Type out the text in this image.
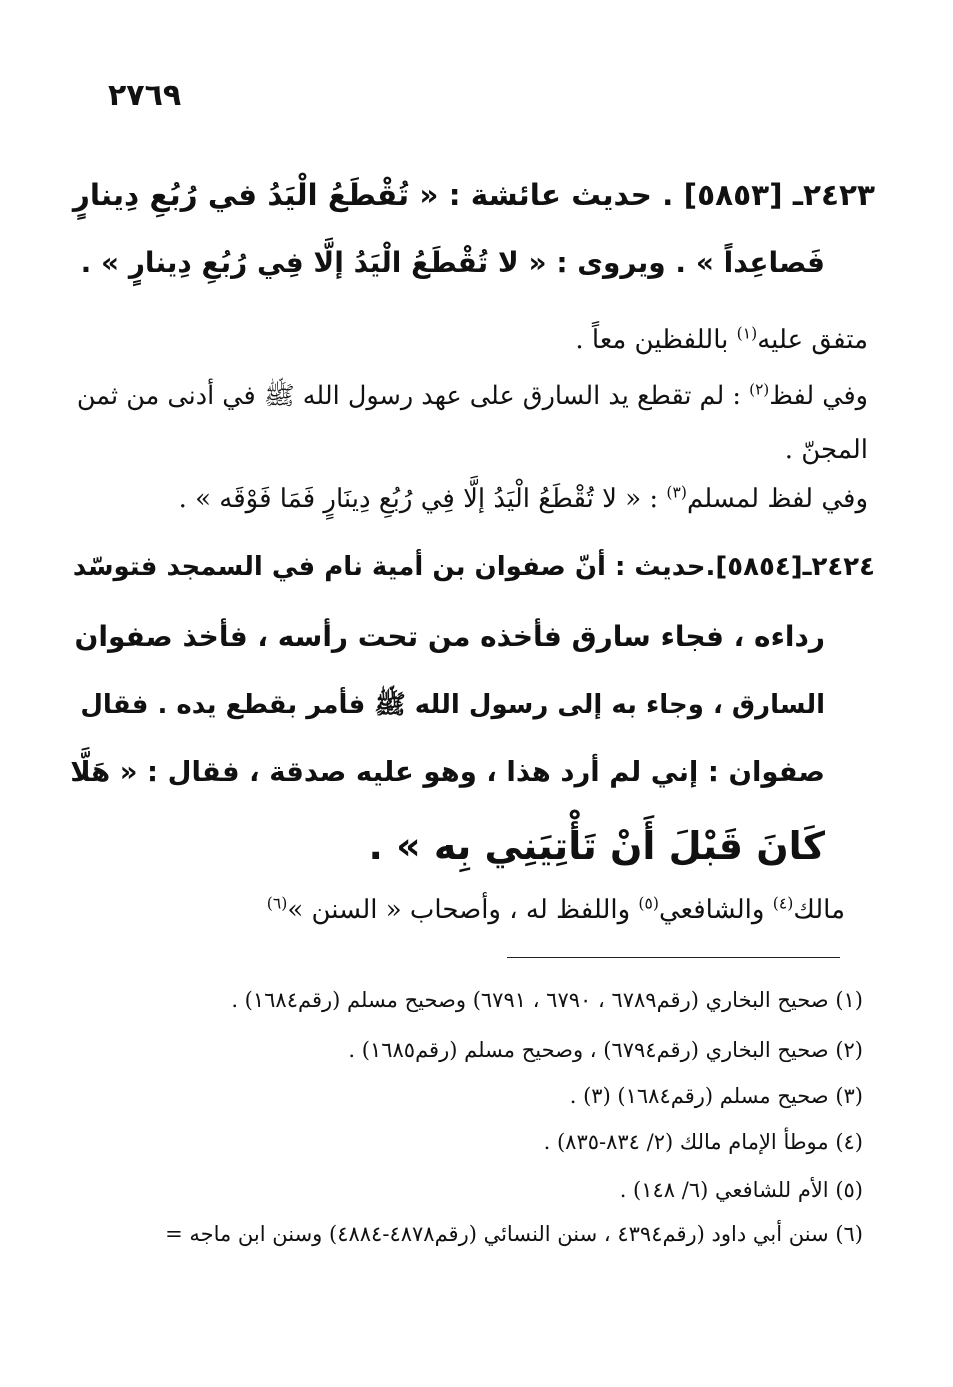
٢٧٦٩
٢٤٢٣ـ [٥٨٥٣] . حديث عائشة : « تُقْطَعُ الْيَدُ في رُبُعِ دِينارٍ
فَصاعِداً » . ويروى : « لا تُقْطَعُ الْيَدُ إلَّا فِي رُبُعِ دِينارٍ » .
متفق عليه$^{(١)}$ باللفظين معاً .
وفي لفظ$^{(٢)}$ : لم تقطع يد السارق على عهد رسول الله ﷺ في أدنى من ثمن
المجنّ .
وفي لفظ لمسلم$^{(٣)}$ : « لا تُقْطَعُ الْيَدُ إلَّا فِي رُبُعِ دِينَارٍ فَمَا فَوْقَه » .
٢٤٢٤ـ[٥٨٥٤].حديث : أنّ صفوان بن أمية نام في السمجد فتوسّد
رداءه ، فجاء سارق فأخذه من تحت رأسه ، فأخذ صفوان
السارق ، وجاء به إلى رسول الله ﷺ فأمر بقطع يده . فقال
صفوان : إني لم أرد هذا ، وهو عليه صدقة ، فقال : « هَلَّا
كَانَ قَبْلَ أَنْ تَأْتِيَنِي بِه » .
مالك$^{(٤)}$ والشافعي$^{(٥)}$ واللفظ له ، وأصحاب « السنن »$^{(٦)}$
(١) صحيح البخاري (رقم٦٧٨٩ ، ٦٧٩٠ ، ٦٧٩١) وصحيح مسلم (رقم١٦٨٤) .
(٢) صحيح البخاري (رقم٦٧٩٤) ، وصحيح مسلم (رقم١٦٨٥) .
(٣) صحيح مسلم (رقم١٦٨٤) (٣) .
(٤) موطأ الإمام مالك (٢/ ٨٣٤-٨٣٥) .
(٥) الأم للشافعي (٦/ ١٤٨) .
(٦) سنن أبي داود (رقم٤٣٩٤ ، سنن النسائي (رقم٤٨٧٨-٤٨٨٤) وسنن ابن ماجه =
